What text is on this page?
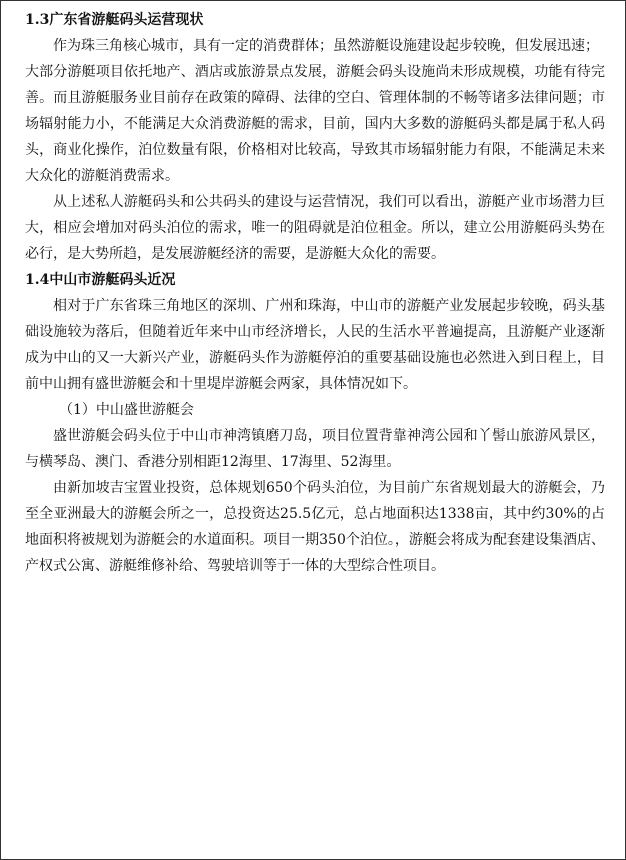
1.3广东省游艇码头运营现状

作为珠三角核心城市，具有一定的消费群体；虽然游艇设施建设起步较晚，但发展迅速；

大部分游艇项目依托地产、酒店或旅游景点发展，游艇会码头设施尚未形成规模，功能有待完善。而且游艇服务业目前存在政策的障碍、法律的空白、管理体制的不畅等诸多法律问题；市场辐射能力小，不能满足大众消费游艇的需求，目前，国内大多数的游艇码头都是属于私人码头，商业化操作，泊位数量有限，价格相对比较高，导致其市场辐射能力有限，不能满足未来大众化的游艇消费需求。

从上述私人游艇码头和公共码头的建设与运营情况，我们可以看出，游艇产业市场潜力巨大，相应会增加对码头泊位的需求，唯一的阻碍就是泊位租金。所以，建立公用游艇码头势在必行，是大势所趋，是发展游艇经济的需要，是游艇大众化的需要。

1.4中山市游艇码头近况

相对于广东省珠三角地区的深圳、广州和珠海，中山市的游艇产业发展起步较晚，码头基础设施较为落后，但随着近年来中山市经济增长，人民的生活水平普遍提高，且游艇产业逐渐成为中山的又一大新兴产业，游艇码头作为游艇停泊的重要基础设施也必然进入到日程上，目前中山拥有盛世游艇会和十里堤岸游艇会两家，具体情况如下。

（1）中山盛世游艇会

盛世游艇会码头位于中山市神湾镇磨刀岛，项目位置背靠神湾公园和丫髻山旅游风景区，与横琴岛、澳门、香港分别相距12海里、17海里、52海里。

由新加坡吉宝置业投资，总体规划650个码头泊位，为目前广东省规划最大的游艇会，乃至全亚洲最大的游艇会所之一，总投资达25.5亿元，总占地面积达1338亩，其中约30%的占地面积将被规划为游艇会的水道面积。项目一期350个泊位。，游艇会将成为配套建设集酒店、产权式公寓、游艇维修补给、驾驶培训等于一体的大型综合性项目。
